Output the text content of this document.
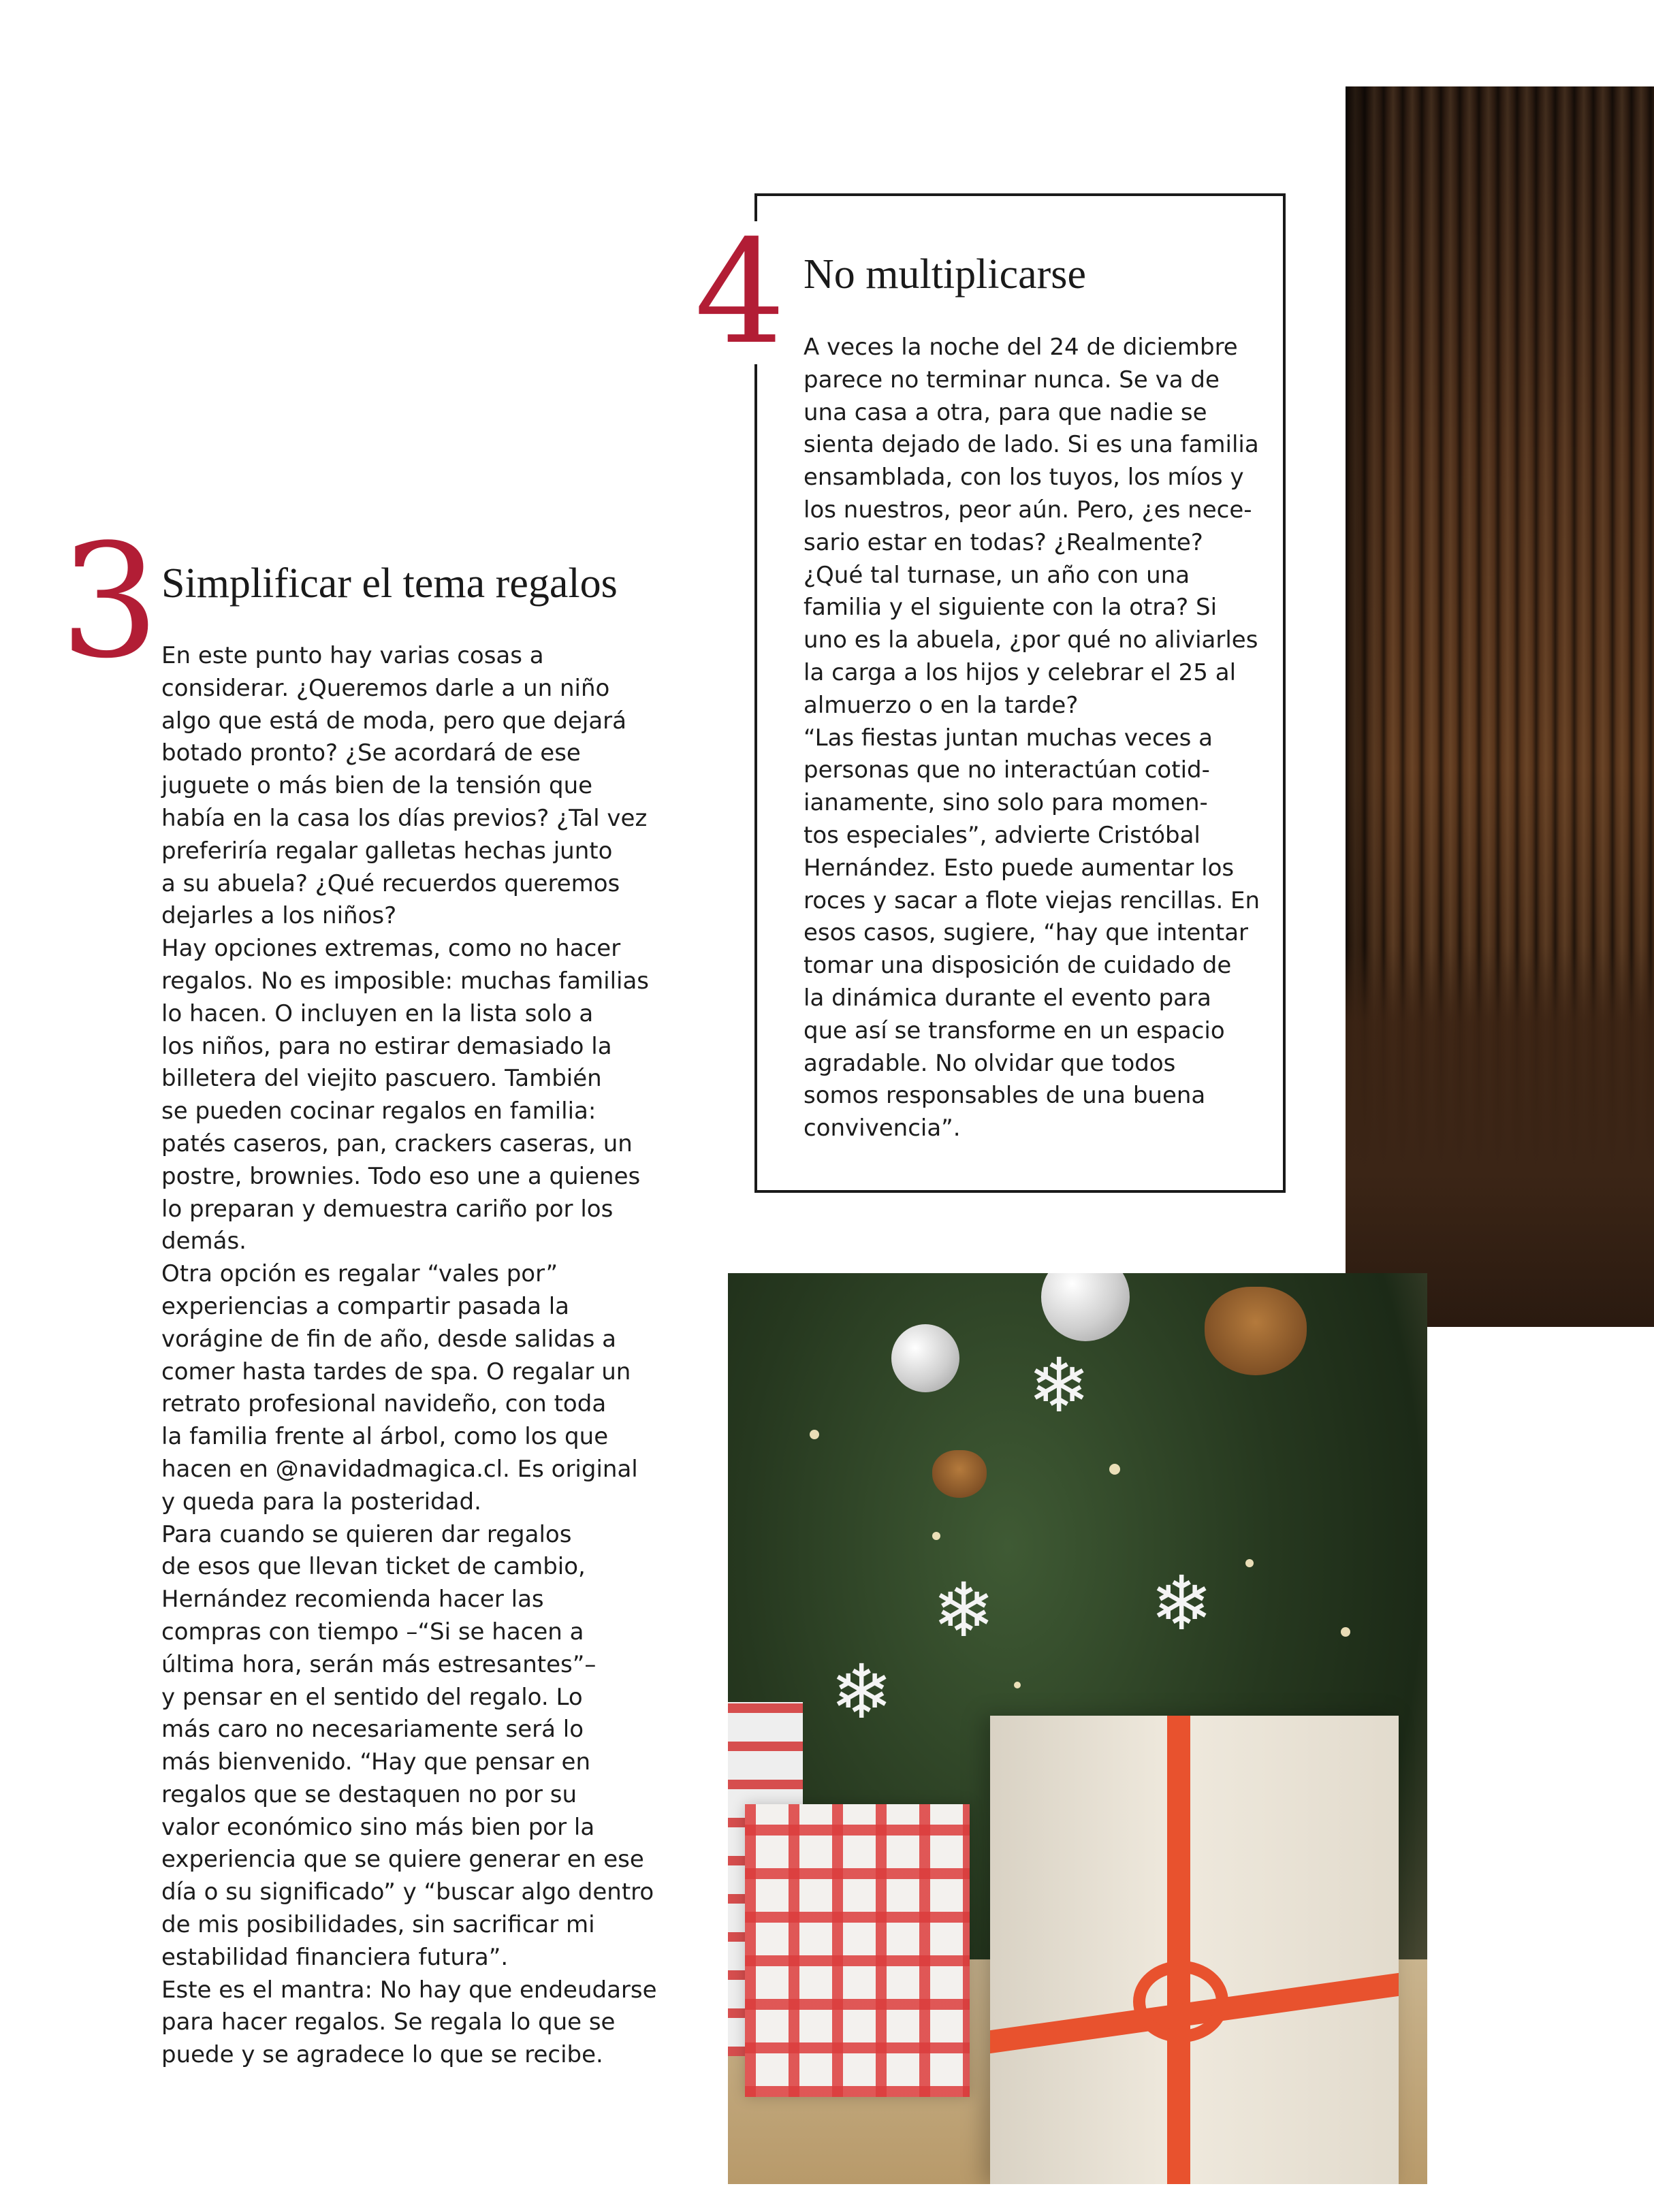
4 No multiplicarse
A veces la noche del 24 de diciembre
parece no terminar nunca. Se va de
una casa a otra, para que nadie se
sienta dejado de lado. Si es una familia
ensamblada, con los tuyos, los míos y
los nuestros, peor aún. Pero, ¿es nece-
sario estar en todas? ¿Realmente?
¿Qué tal turnase, un año con una
familia y el siguiente con la otra? Si
uno es la abuela, ¿por qué no aliviarles
la carga a los hijos y celebrar el 25 al
almuerzo o en la tarde?
“Las fiestas juntan muchas veces a
personas que no interactúan cotid-
ianamente, sino solo para momen-
tos especiales”, advierte Cristóbal
Hernández. Esto puede aumentar los
roces y sacar a flote viejas rencillas. En
esos casos, sugiere, “hay que intentar
tomar una disposición de cuidado de
la dinámica durante el evento para
que así se transforme en un espacio
agradable. No olvidar que todos
somos responsables de una buena
convivencia”.
3 Simplificar el tema regalos
En este punto hay varias cosas a
considerar. ¿Queremos darle a un niño
algo que está de moda, pero que dejará
botado pronto? ¿Se acordará de ese
juguete o más bien de la tensión que
había en la casa los días previos? ¿Tal vez
preferiría regalar galletas hechas junto
a su abuela? ¿Qué recuerdos queremos
dejarles a los niños?
Hay opciones extremas, como no hacer
regalos. No es imposible: muchas familias
lo hacen. O incluyen en la lista solo a
los niños, para no estirar demasiado la
billetera del viejito pascuero. También
se pueden cocinar regalos en familia:
patés caseros, pan, crackers caseras, un
postre, brownies. Todo eso une a quienes
lo preparan y demuestra cariño por los
demás.
Otra opción es regalar “vales por”
experiencias a compartir pasada la
vorágine de fin de año, desde salidas a
comer hasta tardes de spa. O regalar un
retrato profesional navideño, con toda
la familia frente al árbol, como los que
hacen en @navidadmagica.cl. Es original
y queda para la posteridad.
Para cuando se quieren dar regalos
de esos que llevan ticket de cambio,
Hernández recomienda hacer las
compras con tiempo –“Si se hacen a
última hora, serán más estresantes”–
y pensar en el sentido del regalo. Lo
más caro no necesariamente será lo
más bienvenido. “Hay que pensar en
regalos que se destaquen no por su
valor económico sino más bien por la
experiencia que se quiere generar en ese
día o su significado” y “buscar algo dentro
de mis posibilidades, sin sacrificar mi
estabilidad financiera futura”.
Este es el mantra: No hay que endeudarse
para hacer regalos. Se regala lo que se
puede y se agradece lo que se recibe.
❄
❄ ❄
❄
